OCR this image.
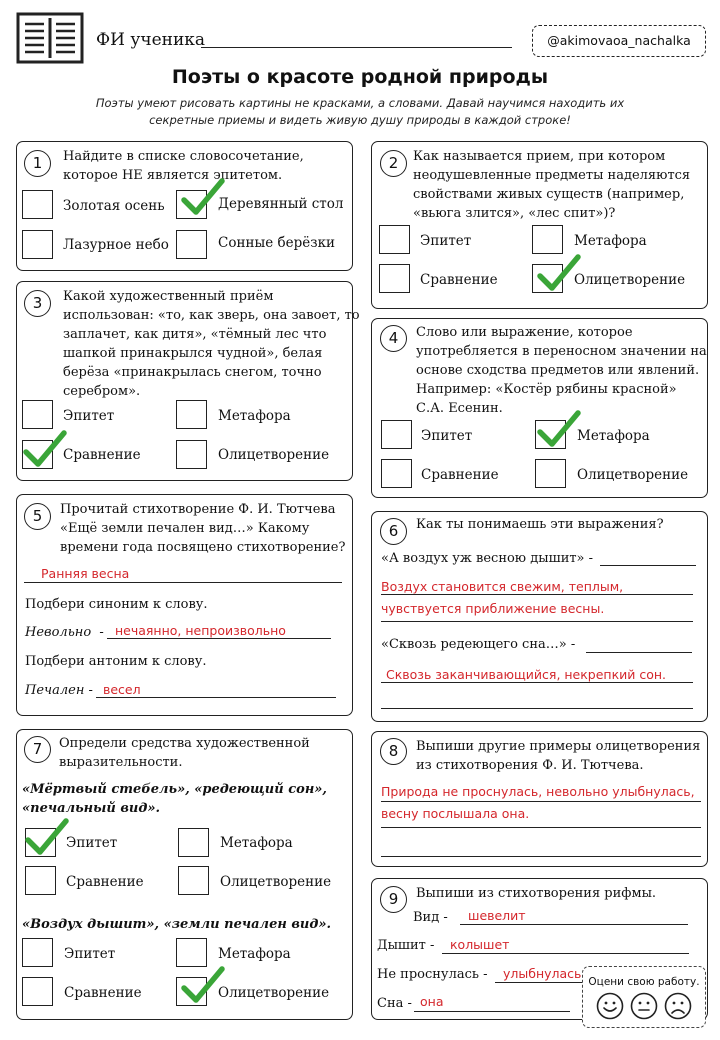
ФИ ученика	@akimovaoa_nachalka
Поэты о красоте родной природы
Поэты умеют рисовать картины не красками, а словами. Давай научимся находить их
секретные приемы и видеть живую душу природы в каждой строке!
1	Найдите в списке словосочетание,
которое НЕ является эпитетом.
Золотая осень	Деревянный стол
Лазурное небо	Сонные берёзки
2	Как называется прием, при котором
неодушевленные предметы наделяются
свойствами живых существ (например,
«вьюга злится», «лес спит»)?
Эпитет	Метафора
Сравнение	Олицетворение
3	Какой художественный приём
использован: «то, как зверь, она завоет, то
заплачет, как дитя», «тёмный лес что
шапкой принакрылся чудной», белая
берёза «принакрылась снегом, точно
серебром».
Эпитет	Метафора
Сравнение	Олицетворение
4	Слово или выражение, которое
употребляется в переносном значении на
основе сходства предметов или явлений.
Например: «Костёр рябины красной»
С.А. Есенин.
Эпитет	Метафора
Сравнение	Олицетворение
5	Прочитай стихотворение Ф. И. Тютчева
«Ещё земли печален вид…» Какому
времени года посвящено стихотворение?
Ранняя весна
Подбери синоним к слову.
Невольно  - нечаянно, непроизвольно
Подбери антоним к слову.
Печален - весел
6	Как ты понимаешь эти выражения?
«А воздух уж весною дышит» -
Воздух становится свежим, теплым,
чувствуется приближение весны.
«Сквозь редеющего сна…» -
Сквозь заканчивающийся, некрепкий сон.
7	Определи средства художественной
выразительности.
«Мёртвый стебель», «редеющий сон»,
«печальный вид».
Эпитет	Метафора
Сравнение	Олицетворение
«Воздух дышит», «земли печален вид».
Эпитет	Метафора
Сравнение	Олицетворение
8	Выпиши другие примеры олицетворения
из стихотворения Ф. И. Тютчева.
Природа не проснулась, невольно улыбнулась,
весну послышала она.
9	Выпиши из стихотворения рифмы.
Вид - шевелит
Дышит - колышет
Не проснулась - улыбнулась
Сна - она
Оцени свою работу.
